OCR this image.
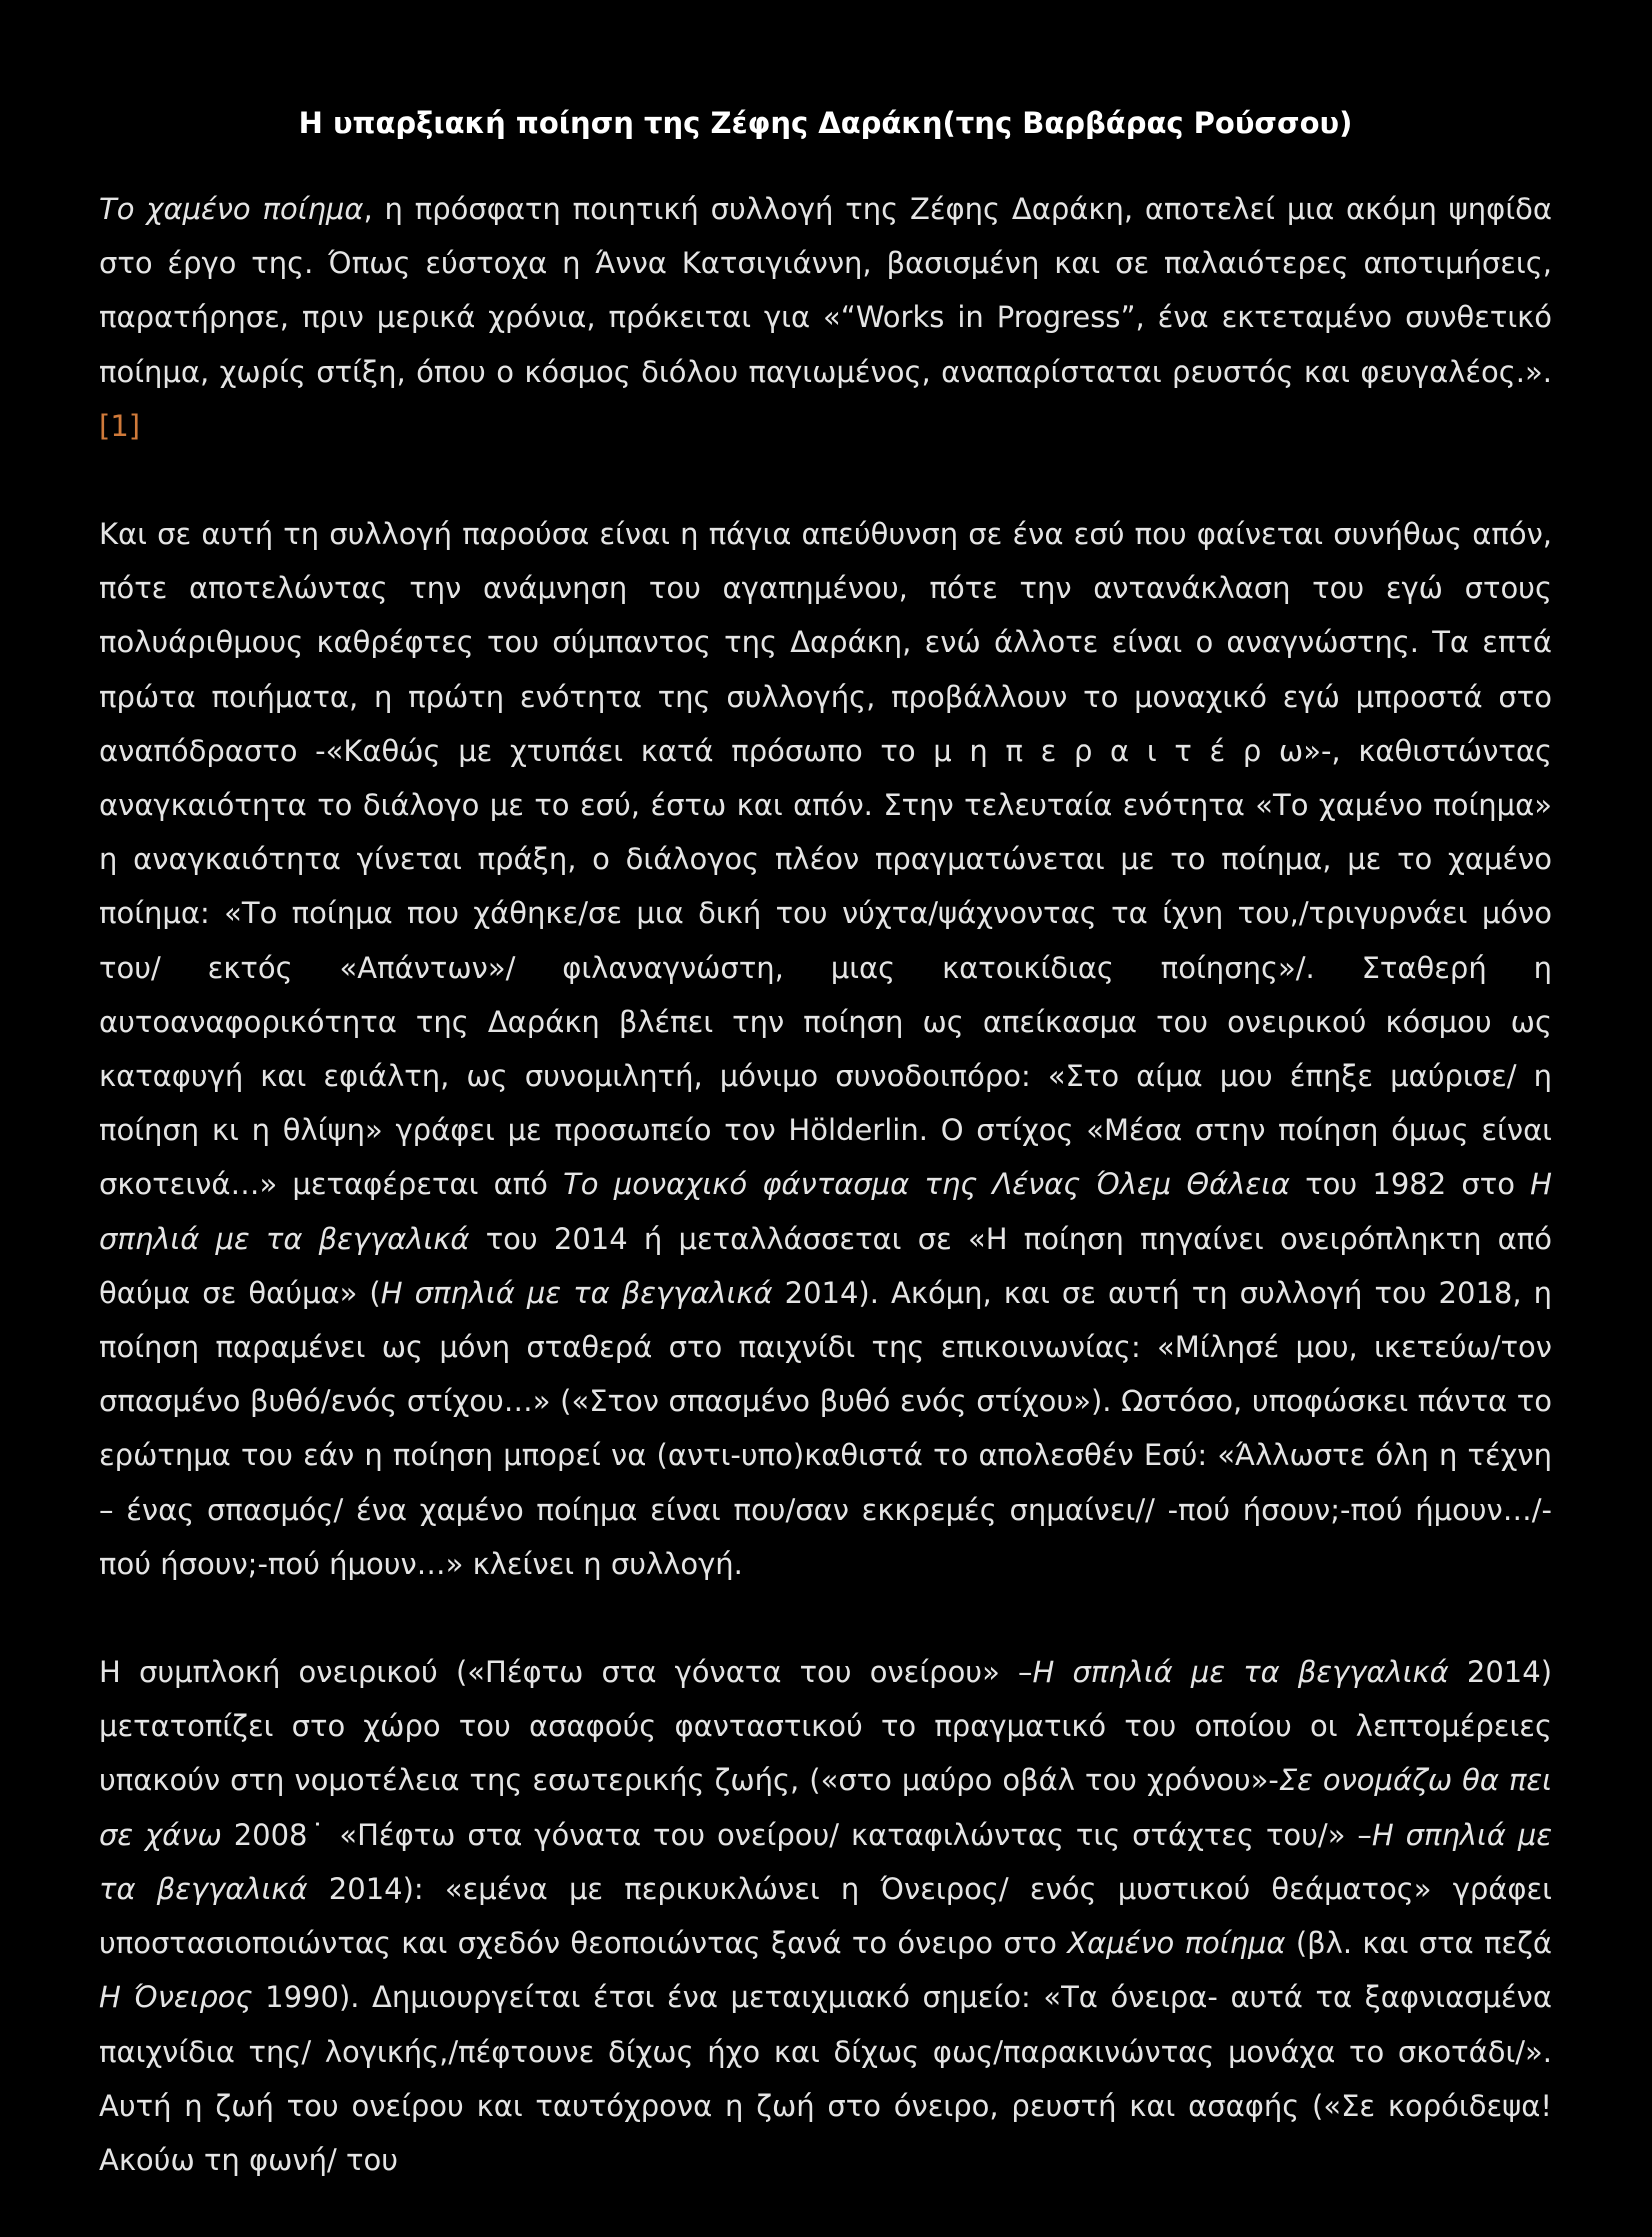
Η υπαρξιακή ποίηση της Ζέφης Δαράκη(της Βαρβάρας Ρούσσου)

Το χαμένο ποίημα, η πρόσφατη ποιητική συλλογή της Ζέφης Δαράκη, αποτελεί μια ακόμη ψηφίδα στο έργο της. Όπως εύστοχα η Άννα Κατσιγιάννη, βασισμένη και σε παλαιότερες αποτιμήσεις, παρατήρησε, πριν μερικά χρόνια, πρόκειται για «“Works in Progress”, ένα εκτεταμένο συνθετικό ποίημα, χωρίς στίξη, όπου ο κόσμος διόλου παγιωμένος, αναπαρίσταται ρευστός και φευγαλέος.».[1]

Και σε αυτή τη συλλογή παρούσα είναι η πάγια απεύθυνση σε ένα εσύ που φαίνεται συνήθως απόν, πότε αποτελώντας την ανάμνηση του αγαπημένου, πότε την αντανάκλαση του εγώ στους πολυάριθμους καθρέφτες του σύμπαντος της Δαράκη, ενώ άλλοτε είναι ο αναγνώστης. Τα επτά πρώτα ποιήματα, η πρώτη ενότητα της συλλογής, προβάλλουν το μοναχικό εγώ μπροστά στο αναπόδραστο -«Καθώς με χτυπάει κατά πρόσωπο το μ η π ε ρ α ι τ έ ρ ω»-, καθιστώντας αναγκαιότητα το διάλογο με το εσύ, έστω και απόν. Στην τελευταία ενότητα «Το χαμένο ποίημα» η αναγκαιότητα γίνεται πράξη, ο διάλογος πλέον πραγματώνεται με το ποίημα, με το χαμένο ποίημα: «Το ποίημα που χάθηκε/σε μια δική του νύχτα/ψάχνοντας τα ίχνη του,/τριγυρνάει μόνο του/ εκτός «Απάντων»/ φιλαναγνώστη, μιας κατοικίδιας ποίησης»/. Σταθερή η αυτοαναφορικότητα της Δαράκη βλέπει την ποίηση ως απείκασμα του ονειρικού κόσμου ως καταφυγή και εφιάλτη, ως συνομιλητή, μόνιμο συνοδοιπόρο: «Στο αίμα μου έπηξε μαύρισε/ η ποίηση κι η θλίψη» γράφει με προσωπείο τον Hölderlin. Ο στίχος «Μέσα στην ποίηση όμως είναι σκοτεινά…» μεταφέρεται από Το μοναχικό φάντασμα της Λένας Όλεμ Θάλεια του 1982 στο Η σπηλιά με τα βεγγαλικά του 2014 ή μεταλλάσσεται σε «Η ποίηση πηγαίνει ονειρόπληκτη από θαύμα σε θαύμα» (Η σπηλιά με τα βεγγαλικά 2014). Ακόμη, και σε αυτή τη συλλογή του 2018, η ποίηση παραμένει ως μόνη σταθερά στο παιχνίδι της επικοινωνίας: «Μίλησέ μου, ικετεύω/τον σπασμένο βυθό/ενός στίχου…» («Στον σπασμένο βυθό ενός στίχου»). Ωστόσο, υποφώσκει πάντα το ερώτημα του εάν η ποίηση μπορεί να (αντι-υπο)καθιστά το απολεσθέν Εσύ: «Άλλωστε όλη η τέχνη – ένας σπασμός/ ένα χαμένο ποίημα είναι που/σαν εκκρεμές σημαίνει// -πού ήσουν;-πού ήμουν…/-πού ήσουν;-πού ήμουν…» κλείνει η συλλογή.

Η συμπλοκή ονειρικού («Πέφτω στα γόνατα του ονείρου» –Η σπηλιά με τα βεγγαλικά 2014) μετατοπίζει στο χώρο του ασαφούς φανταστικού το πραγματικό του οποίου οι λεπτομέρειες υπακούν στη νομοτέλεια της εσωτερικής ζωής, («στο μαύρο οβάλ του χρόνου»-Σε ονομάζω θα πει σε χάνω 2008˙ «Πέφτω στα γόνατα του ονείρου/ καταφιλώντας τις στάχτες του/» –Η σπηλιά με τα βεγγαλικά 2014): «εμένα με περικυκλώνει η Όνειρος/ ενός μυστικού θεάματος» γράφει υποστασιοποιώντας και σχεδόν θεοποιώντας ξανά το όνειρο στο Χαμένο ποίημα (βλ. και στα πεζά Η Όνειρος 1990). Δημιουργείται έτσι ένα μεταιχμιακό σημείο: «Τα όνειρα- αυτά τα ξαφνιασμένα παιχνίδια της/ λογικής,/πέφτουνε δίχως ήχο και δίχως φως/παρακινώντας μονάχα το σκοτάδι/». Αυτή η ζωή του ονείρου και ταυτόχρονα η ζωή στο όνειρο, ρευστή και ασαφής («Σε κορόιδεψα! Ακούω τη φωνή/ του
